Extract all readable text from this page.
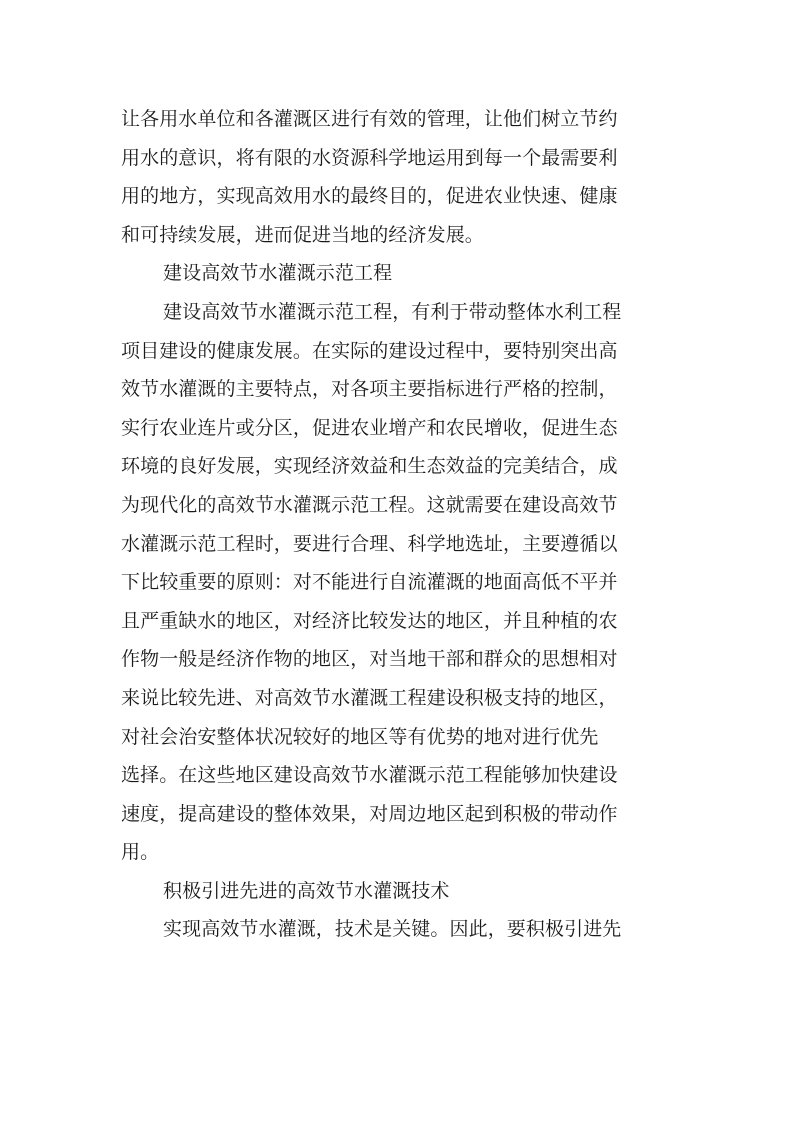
让各用水单位和各灌溉区进行有效的管理，让他们树立节约
用水的意识，将有限的水资源科学地运用到每一个最需要利
用的地方，实现高效用水的最终目的，促进农业快速、健康
和可持续发展，进而促进当地的经济发展。
建设高效节水灌溉示范工程
建设高效节水灌溉示范工程，有利于带动整体水利工程
项目建设的健康发展。在实际的建设过程中，要特别突出高
效节水灌溉的主要特点，对各项主要指标进行严格的控制，
实行农业连片或分区，促进农业增产和农民增收，促进生态
环境的良好发展，实现经济效益和生态效益的完美结合，成
为现代化的高效节水灌溉示范工程。这就需要在建设高效节
水灌溉示范工程时，要进行合理、科学地选址，主要遵循以
下比较重要的原则：对不能进行自流灌溉的地面高低不平并
且严重缺水的地区，对经济比较发达的地区，并且种植的农
作物一般是经济作物的地区，对当地干部和群众的思想相对
来说比较先进、对高效节水灌溉工程建设积极支持的地区，
对社会治安整体状况较好的地区等有优势的地对进行优先
选择。在这些地区建设高效节水灌溉示范工程能够加快建设
速度，提高建设的整体效果，对周边地区起到积极的带动作
用。
积极引进先进的高效节水灌溉技术
实现高效节水灌溉，技术是关键。因此，要积极引进先
